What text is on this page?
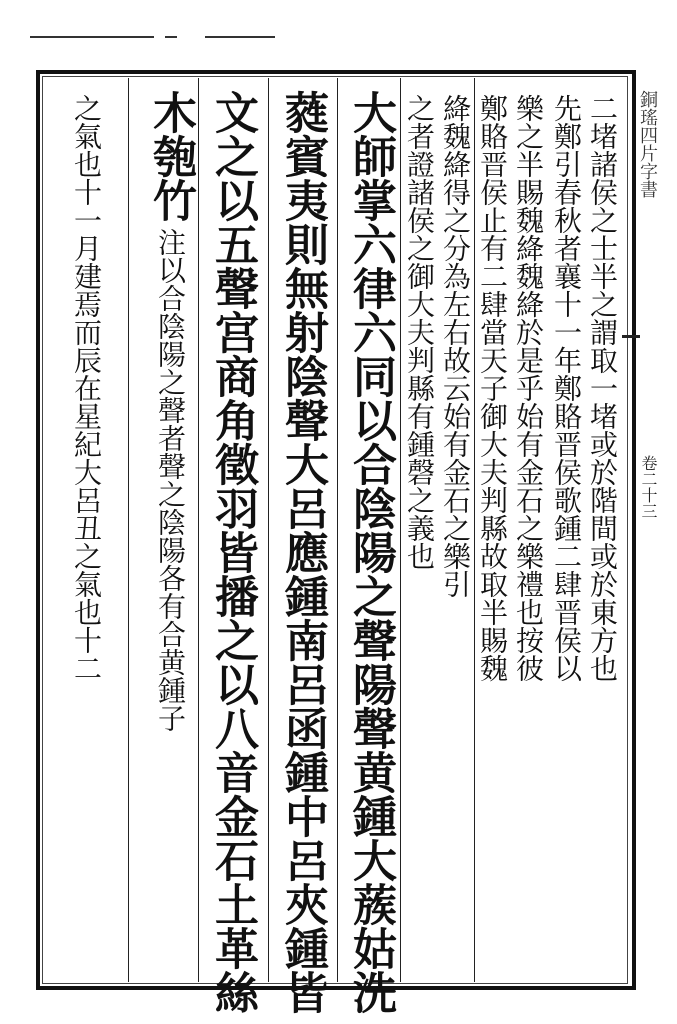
銅瑤四片字書
卷二十三
二堵諸侯之士半之謂取一堵或於階間或於東方也
先鄭引春秋者襄十一年鄭賂晋侯歌鍾二肆晋侯以
樂之半賜魏絳魏絳於是乎始有金石之樂禮也按彼
鄭賂晋侯止有二肆當天子御大夫判縣故取半賜魏
絳魏絳得之分為左右故云始有金石之樂引
之者證諸侯之御大夫判縣有鍾磬之義也
大師掌六律六同以合陰陽之聲陽聲黄鍾大蔟姑洗
蕤賓夷則無射陰聲大呂應鍾南呂函鍾中呂夾鍾皆
文之以五聲宫商角徵羽皆播之以八音金石土革絲
木匏竹注以合陰陽之聲者聲之陰陽各有合黄鍾子
之氣也十一月建焉而辰在星紀大呂丑之氣也十二
